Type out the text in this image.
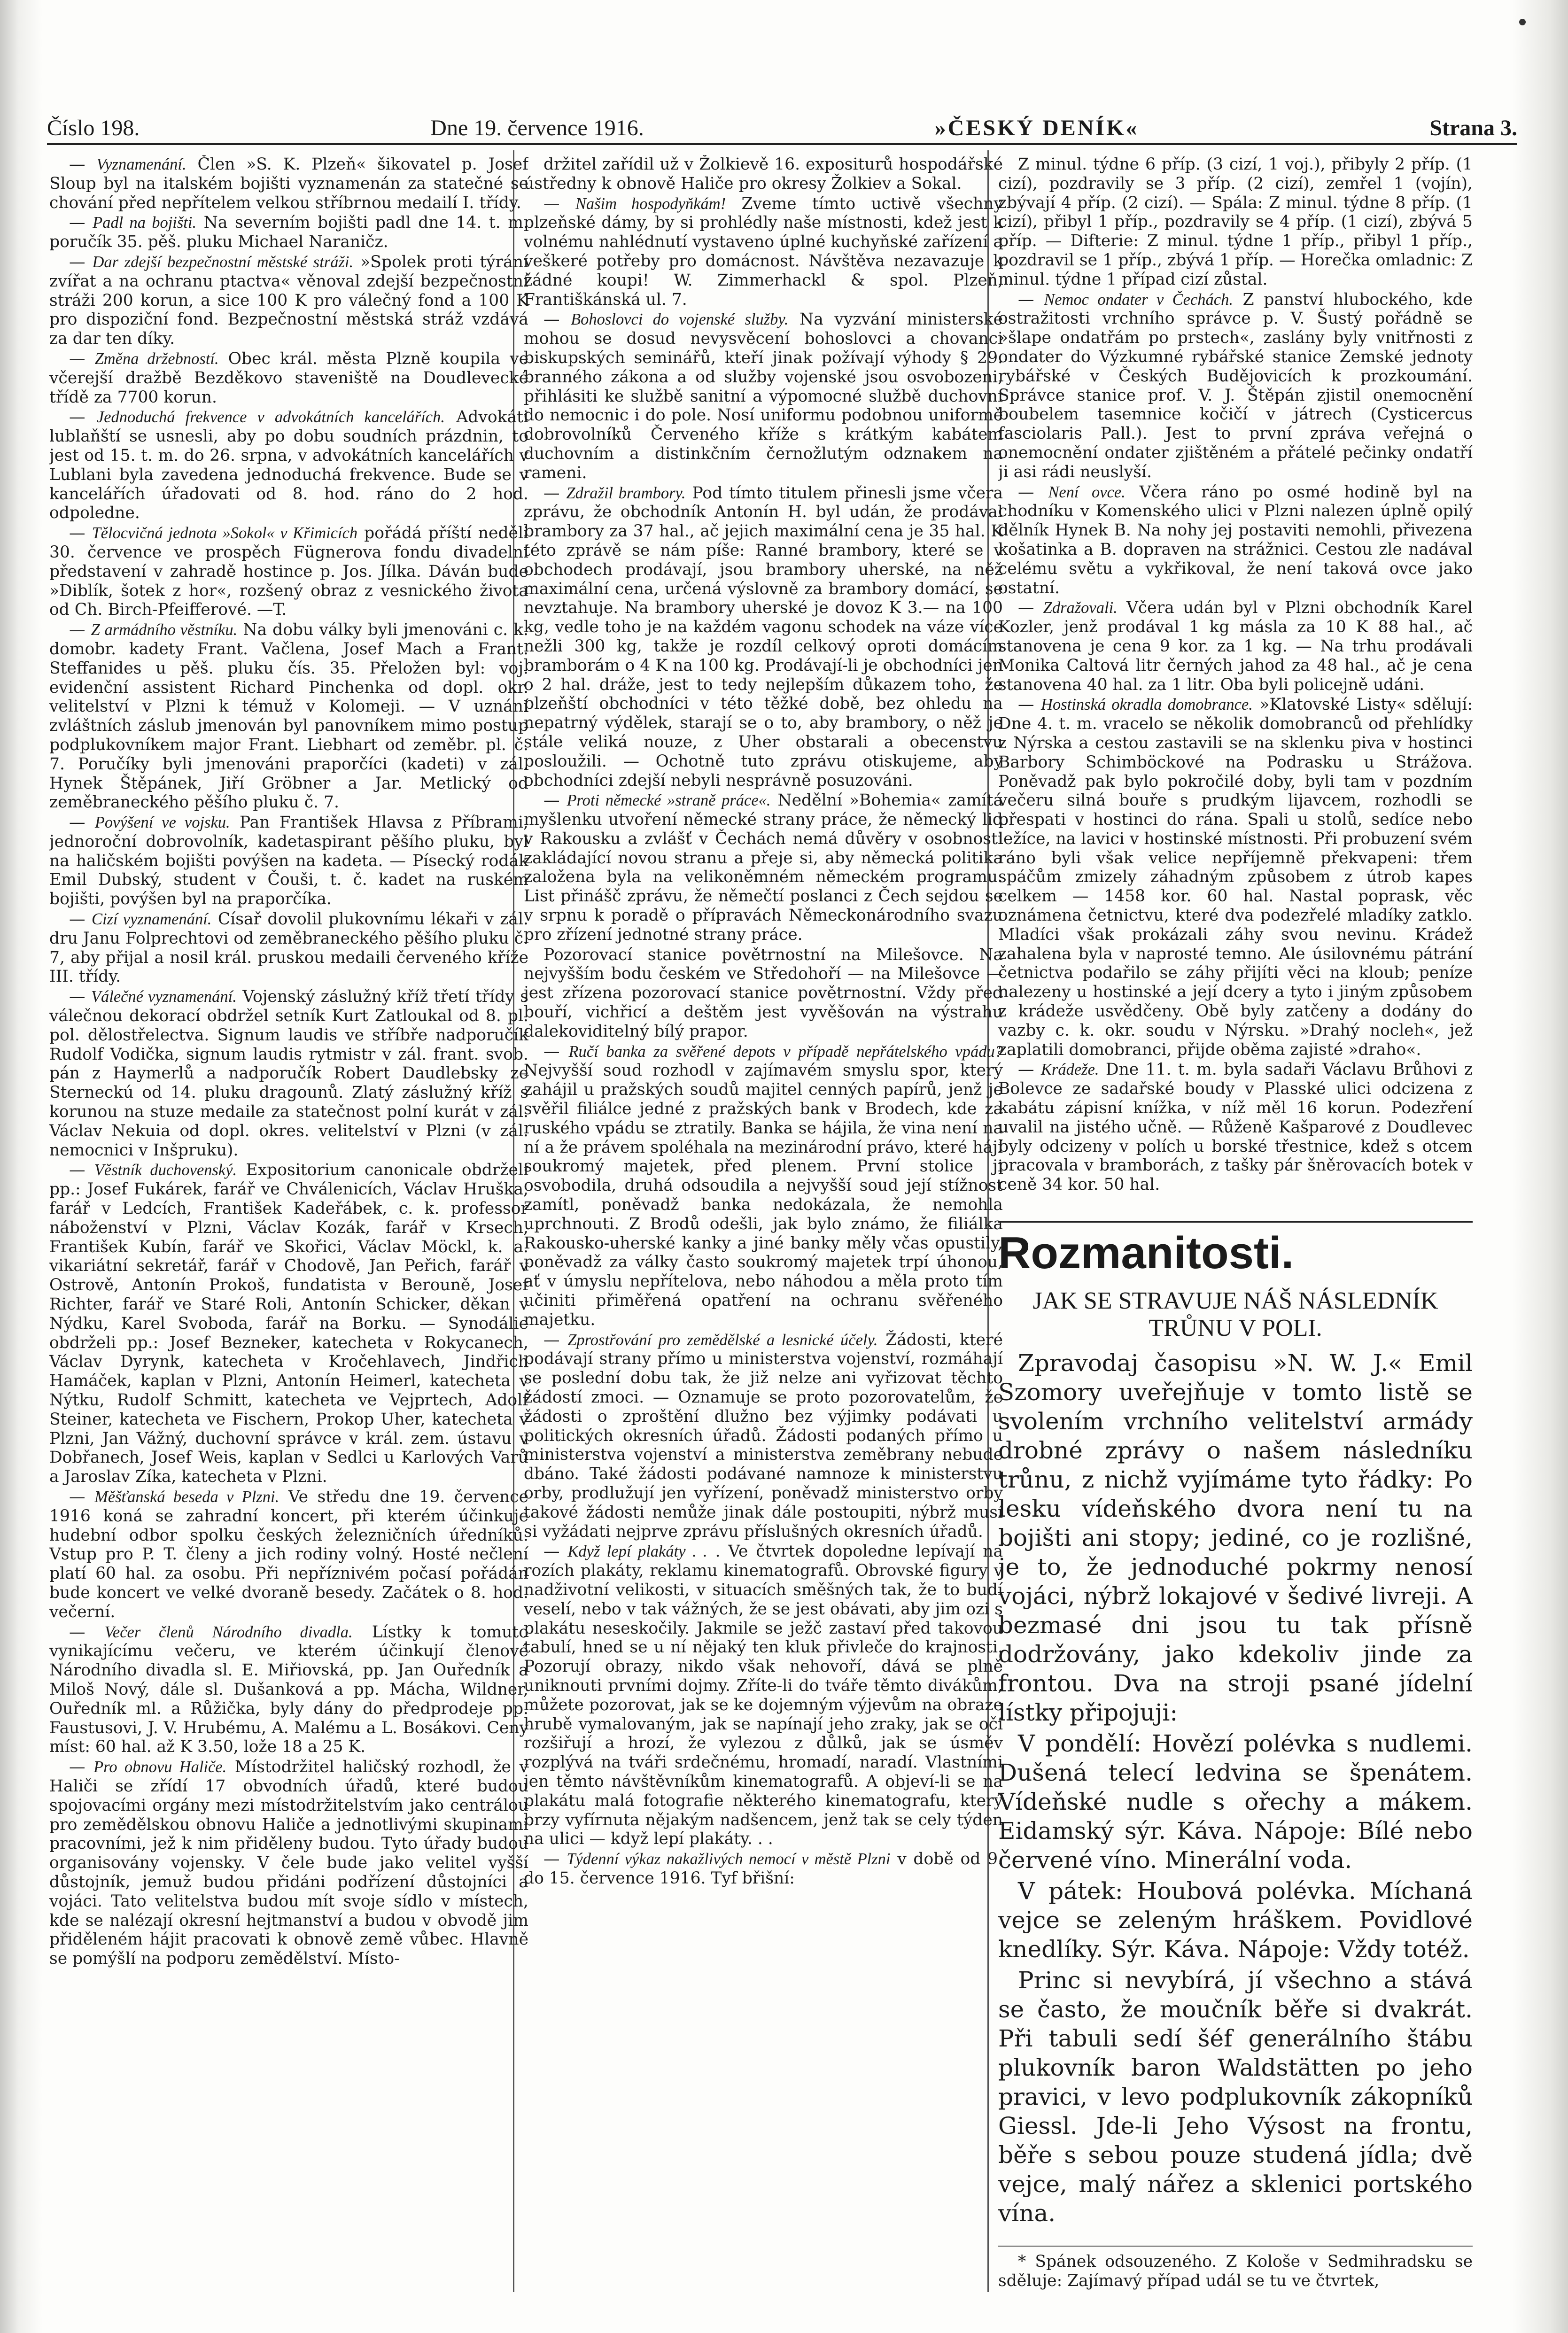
Číslo 198.	Dne 19. července 1916.	»ČESKÝ DENÍK«	Strana 3.

— Vyznamenání. Člen »S. K. Plzeň« šikovatel p. Josef Sloup byl na italském bojišti vyznamenán za statečné se chování před nepřítelem velkou stříbrnou medailí I. třídy.

— Padl na bojišti. Na severním bojišti padl dne 14. t. m. poručík 35. pěš. pluku Michael Naraničz.

— Dar zdejší bezpečnostní městské stráži. »Spolek proti týrání zvířat a na ochranu ptactva« věnoval zdejší bezpečnostní stráži 200 korun, a sice 100 K pro válečný fond a 100 K pro dispoziční fond. Bezpečnostní městská stráž vzdává za dar ten díky.

— Změna držebností. Obec král. města Plzně koupila ve včerejší dražbě Bezděkovo staveniště na Doudlevecké třídě za 7700 korun.

— Jednoduchá frekvence v advokátních kancelářích. Advokáti lublaňští se usnesli, aby po dobu soudních prázdnin, to jest od 15. t. m. do 26. srpna, v advokátních kancelářích v Lublani byla zavedena jednoduchá frekvence. Bude se v kancelářích úřadovati od 8. hod. ráno do 2 hod. odpoledne.

— Tělocvičná jednota »Sokol« v Křimicích pořádá příští neděli 30. července ve prospěch Fügnerova fondu divadelní představení v zahradě hostince p. Jos. Jílka. Dáván bude »Diblík, šotek z hor«, rozšený obraz z vesnického života od Ch. Birch-Pfeifferové. —T.

— Z armádního věstníku. Na dobu války byli jmenováni c. k. domobr. kadety Frant. Vačlena, Josef Mach a Frant. Steffanides u pěš. pluku čís. 35. Přeložen byl: voj. evidenční assistent Richard Pinchenka od dopl. okr. velitelství v Plzni k témuž v Kolomeji. — V uznání zvláštních záslub jmenován byl panovníkem mimo postup podplukovníkem major Frant. Liebhart od zeměbr. pl. č. 7. Poručíky byli jmenováni praporčíci (kadeti) v zál. Hynek Štěpánek, Jiří Gröbner a Jar. Metlický od zeměbraneckého pěšího pluku č. 7.

— Povýšení ve vojsku. Pan František Hlavsa z Příbrami, jednoroční dobrovolník, kadetaspirant pěšího pluku, byl na haličském bojišti povýšen na kadeta. — Písecký rodák Emil Dubský, student v Čouši, t. č. kadet na ruském bojišti, povýšen byl na praporčíka.

— Cizí vyznamenání. Císař dovolil plukovnímu lékaři v zál. dru Janu Folprechtovi od zeměbraneckého pěšího pluku č. 7, aby přijal a nosil král. pruskou medaili červeného kříže III. třídy.

— Válečné vyznamenání. Vojenský záslužný kříž třetí třídy s válečnou dekorací obdržel setník Kurt Zatloukal od 8. pl. pol. dělostřelectva. Signum laudis ve stříbře nadporučík Rudolf Vodička, signum laudis rytmistr v zál. frant. svob. pán z Haymerlů a nadporučík Robert Daudlebsky ze Sterneckú od 14. pluku dragounů. Zlatý záslužný kříž s korunou na stuze medaile za statečnost polní kurát v zál. Václav Nekuia od dopl. okres. velitelství v Plzni (v zál. nemocnici v Inšpruku).

— Věstník duchovenský. Expositorium canonicale obdrželi pp.: Josef Fukárek, farář ve Chválenicích, Václav Hruška, farář v Ledcích, František Kadeřábek, c. k. professor náboženství v Plzni, Václav Kozák, farář v Krsech, František Kubín, farář ve Skořici, Václav Möckl, k. a. vikariátní sekretář, farář v Chodově, Jan Peřich, farář v Ostrově, Antonín Prokoš, fundatista v Berouně, Josef Richter, farář ve Staré Roli, Antonín Schicker, děkan v Nýdku, Karel Svoboda, farář na Borku. — Synodálie obdrželi pp.: Josef Bezneker, katecheta v Rokycanech, Václav Dyrynk, katecheta v Kročehlavech, Jindřich Hamáček, kaplan v Plzni, Antonín Heimerl, katecheta v Nýtku, Rudolf Schmitt, katecheta ve Vejprtech, Adolf Steiner, katecheta ve Fischern, Prokop Uher, katecheta v Plzni, Jan Vážný, duchovní správce v král. zem. ústavu v Dobřanech, Josef Weis, kaplan v Sedlci u Karlových Varů a Jaroslav Zíka, katecheta v Plzni.

— Měšťanská beseda v Plzni. Ve středu dne 19. července 1916 koná se zahradní koncert, při kterém účinkuje hudební odbor spolku českých železničních úředníků. Vstup pro P. T. členy a jich rodiny volný. Hosté nečlení platí 60 hal. za osobu. Při nepříznivém počasí pořádán bude koncert ve velké dvoraně besedy. Začátek o 8. hod. večerní.

— Večer členů Národního divadla. Lístky k tomuto vynikajícímu večeru, ve kterém účinkují členové Národního divadla sl. E. Miřiovská, pp. Jan Ouředník a Miloš Nový, dále sl. Dušanková a pp. Mácha, Wildner, Ouředník ml. a Růžička, byly dány do předprodeje pp. Faustusovi, J. V. Hrubému, A. Malému a L. Bosákovi. Ceny míst: 60 hal. až K 3.50, lože 18 a 25 K.

— Pro obnovu Haliče. Místodržitel haličský rozhodl, že v Haliči se zřídí 17 obvodních úřadů, které budou spojovacími orgány mezi místodržitelstvím jako centrálou pro zemědělskou obnovu Haliče a jednotlivými skupinami pracovními, jež k nim přiděleny budou. Tyto úřady budou organisovány vojensky. V čele bude jako velitel vyšší důstojník, jemuž budou přidáni podřízení důstojníci a vojáci. Tato velitelstva budou mít svoje sídlo v místech, kde se nalézají okresní hejtmanství a budou v obvodě jim přiděleném hájit pracovati k obnově země vůbec. Hlavně se pomýšlí na podporu zemědělství. Místo-

držitel zařídil už v Žolkievě 16. expositurů hospodářské ústředny k obnově Haliče pro okresy Žolkiev a Sokal.

— Našim hospodyňkám! Zveme tímto uctivě všechny plzeňské dámy, by si prohlédly naše místnosti, kdež jest k volnému nahlédnutí vystaveno úplné kuchyňské zařízení a veškeré potřeby pro domácnost. Návštěva nezavazuje k žádné koupi! W. Zimmerhackl & spol. Plzeň, Františkánská ul. 7.

— Bohoslovci do vojenské služby. Na vyzvání ministerské mohou se dosud nevysvěcení bohoslovci a chovanci biskupských seminářů, kteří jinak požívají výhody § 29. branného zákona a od služby vojenské jsou osvobozeni, přihlásiti ke službě sanitní a výpomocné službě duchovní do nemocnic i do pole. Nosí uniformu podobnou uniformě dobrovolníků Červeného kříže s krátkým kabátem duchovním a distinkčním černožlutým odznakem na rameni.

— Zdražil brambory. Pod tímto titulem přinesli jsme včera zprávu, že obchodník Antonín H. byl udán, že prodával brambory za 37 hal., ač jejich maximální cena je 35 hal. K této zprávě se nám píše: Ranné brambory, které se v obchodech prodávají, jsou brambory uherské, na něž maximální cena, určená výslovně za brambory domácí, se nevztahuje. Na brambory uherské je dovoz K 3.— na 100 kg, vedle toho je na každém vagonu schodek na váze více nežli 300 kg, takže je rozdíl celkový oproti domácím bramborám o 4 K na 100 kg. Prodávají-li je obchodníci jen o 2 hal. dráže, jest to tedy nejlepším důkazem toho, že plzeňští obchodníci v této těžké době, bez ohledu na nepatrný výdělek, starají se o to, aby brambory, o něž je stále veliká nouze, z Uher obstarali a obecenstvu posloužili. — Ochotně tuto zprávu otiskujeme, aby obchodníci zdejší nebyli nesprávně posuzováni.

— Proti německé »straně práce«. Nedělní »Bohemia« zamítá myšlenku utvoření německé strany práce, že německý lid v Rakousku a zvlášť v Čechách nemá důvěry v osobnosti zakládající novou stranu a přeje si, aby německá politika založena byla na velikoněmném německém programu. List přinášč zprávu, že němečtí poslanci z Čech sejdou se v srpnu k poradě o přípravách Německonárodního svazu pro zřízení jednotné strany práce.

Pozorovací stanice povětrnostní na Milešovce. Na nejvyšším bodu českém ve Středohoří — na Milešovce — jest zřízena pozorovací stanice povětrnostní. Vždy před bouří, vichřicí a deštěm jest vyvěšován na výstrahu dalekoviditelný bílý prapor.

— Ručí banka za svěřené depots v případě nepřátelského vpádu? Nejvyšší soud rozhodl v zajímavém smyslu spor, který zahájil u pražských soudů majitel cenných papírů, jenž je svěřil filiálce jedné z pražských bank v Brodech, kde za ruského vpádu se ztratily. Banka se hájila, že vina není na ní a že právem spoléhala na mezinárodní právo, které hájí soukromý majetek, před plenem. První stolice ji osvobodila, druhá odsoudila a nejvyšší soud její stížnost zamítl, poněvadž banka nedokázala, že nemohla uprchnouti. Z Brodů odešli, jak bylo známo, že filiálka Rakousko-uherské kanky a jiné banky měly včas opustily, poněvadž za války často soukromý majetek trpí úhonou, ať v úmyslu nepřítelova, nebo náhodou a měla proto tím učiniti přiměřená opatření na ochranu svěřeného majetku.

— Zprostřování pro zemědělské a lesnické účely. Žádosti, které podávají strany přímo u ministerstva vojenství, rozmáhají se poslední dobu tak, že již nelze ani vyřizovat těchto žádostí zmoci. — Oznamuje se proto pozorovatelům, že žádosti o zproštění dlužno bez výjimky podávati u politických okresních úřadů. Žádosti podaných přímo u ministerstva vojenství a ministerstva zeměbrany nebude dbáno. Také žádosti podávané namnoze k ministerstvu orby, prodlužují jen vyřízení, poněvadž ministerstvo orby takové žádosti nemůže jinak dále postoupiti, nýbrž musí si vyžádati nejprve zprávu příslušných okresních úřadů.

— Když lepí plakáty . . . Ve čtvrtek dopoledne lepívají na rozích plakáty, reklamu kinematografů. Obrovské figury v nadživotní velikosti, v situacích směšných tak, že to budí veselí, nebo v tak vážných, že se jest obávati, aby jim ozi s plakátu neseskočily. Jakmile se ježč zastaví před takovou tabulí, hned se u ní nějaký ten kluk přivleče do krajnosti. Pozorují obrazy, nikdo však nehovoří, dává se plně uniknouti prvními dojmy. Zříte-li do tváře těmto divákům, můžete pozorovat, jak se ke dojemným výjevům na obraze hrubě vymalovaným, jak se napínají jeho zraky, jak se oči rozšiřují a hrozí, že vylezou z důlků, jak se úsměv rozplývá na tváři srdečnému, hromadí, naradí. Vlastními jen těmto návštěvníkům kinematografů. A objeví-li se na plakátu malá fotografie některého kinematografu, který brzy vyfírnuta nějakým nadšencem, jenž tak se cely týden na ulici — když lepí plakáty. . .

— Týdenní výkaz nakažlivých nemocí v městě Plzni v době od 9. do 15. července 1916. Tyf břišní:

Z minul. týdne 6 příp. (3 cizí, 1 voj.), přibyly 2 příp. (1 cizí), pozdravily se 3 příp. (2 cizí), zemřel 1 (vojín), zbývají 4 příp. (2 cizí). — Spála: Z minul. týdne 8 příp. (1 cizí), přibyl 1 příp., pozdravily se 4 příp. (1 cizí), zbývá 5 příp. — Difterie: Z minul. týdne 1 příp., přibyl 1 příp., pozdravil se 1 příp., zbývá 1 příp. — Horečka omladnic: Z minul. týdne 1 případ cizí zůstal.

— Nemoc ondater v Čechách. Z panství hlubockého, kde ostražitosti vrchního správce p. V. Šustý pořádně se »šlape ondatřám po prstech«, zaslány byly vnitřnosti z ondater do Výzkumné rybářské stanice Zemské jednoty rybářské v Českých Budějovicích k prozkoumání. Správce stanice prof. V. J. Štěpán zjistil onemocnění boubelem tasemnice kočičí v játrech (Cysticercus fasciolaris Pall.). Jest to první zpráva veřejná o onemocnění ondater zjištěném a přátelé pečinky ondatří ji asi rádi neuslyší.

— Není ovce. Včera ráno po osmé hodině byl na chodníku v Komenského ulici v Plzni nalezen úplně opilý dělník Hynek B. Na nohy jej postaviti nemohli, přivezena košatinka a B. dopraven na strážnici. Cestou zle nadával celému světu a vykřikoval, že není taková ovce jako ostatní.

— Zdražovali. Včera udán byl v Plzni obchodník Karel Kozler, jenž prodával 1 kg másla za 10 K 88 hal., ač stanovena je cena 9 kor. za 1 kg. — Na trhu prodávali Monika Caltová litr černých jahod za 48 hal., ač je cena stanovena 40 hal. za 1 litr. Oba byli policejně udáni.

— Hostinská okradla domobrance. »Klatovské Listy« sdělují: Dne 4. t. m. vracelo se několik domobranců od přehlídky z Nýrska a cestou zastavili se na sklenku piva v hostinci Barbory Schimböckové na Podrasku u Strážova. Poněvadž pak bylo pokročilé doby, byli tam v pozdním večeru silná bouře s prudkým lijavcem, rozhodli se přespati v hostinci do rána. Spali u stolů, sedíce nebo ležíce, na lavici v hostinské místnosti. Při probuzení svém ráno byli však velice nepříjemně překvapeni: třem spáčům zmizely záhadným způsobem z útrob kapes celkem — 1458 kor. 60 hal. Nastal poprask, věc oznámena četnictvu, které dva podezřelé mladíky zatklo. Mladíci však prokázali záhy svou nevinu. Krádež zahalena byla v naprosté temno. Ale úsilovnému pátrání četnictva podařilo se záhy přijíti věci na kloub; peníze nalezeny u hostinské a její dcery a tyto i jiným způsobem z krádeže usvědčeny. Obě byly zatčeny a dodány do vazby c. k. okr. soudu v Nýrsku. »Drahý nocleh«, jež zaplatili domobranci, přijde oběma zajisté »draho«.

— Krádeže. Dne 11. t. m. byla sadaři Václavu Brůhovi z Bolevce ze sadařské boudy v Plasské ulici odcizena z kabátu zápisní knížka, v níž měl 16 korun. Podezření uvalil na jistého učně. — Růženě Kašparové z Doudlevec byly odcizeny v polích u borské třestnice, kdež s otcem pracovala v bramborách, z tašky pár šněrovacích botek v ceně 34 kor. 50 hal.

Rozmanitosti.
JAK SE STRAVUJE NÁŠ NÁSLEDNÍK
TRŮNU V POLI.

Zpravodaj časopisu »N. W. J.« Emil Szomory uveřejňuje v tomto listě se svolením vrchního velitelství armády drobné zprávy o našem následníku trůnu, z nichž vyjímáme tyto řádky: Po lesku vídeňského dvora není tu na bojišti ani stopy; jediné, co je rozlišné, je to, že jednoduché pokrmy nenosí vojáci, nýbrž lokajové v šedivé livreji. A bezmasé dni jsou tu tak přísně dodržovány, jako kdekoliv jinde za frontou. Dva na stroji psané jídelní lístky připojuji:

V pondělí: Hovězí polévka s nudlemi. Dušená telecí ledvina se špenátem. Vídeňské nudle s ořechy a mákem. Eidamský sýr. Káva. Nápoje: Bílé nebo červené víno. Minerální voda.

V pátek: Houbová polévka. Míchaná vejce se zeleným hráškem. Povidlové knedlíky. Sýr. Káva. Nápoje: Vždy totéž.

Princ si nevybírá, jí všechno a stává se často, že moučník běře si dvakrát. Při tabuli sedí šéf generálního štábu plukovník baron Waldstätten po jeho pravici, v levo podplukovník zákopníků Giessl. Jde-li Jeho Výsost na frontu, běře s sebou pouze studená jídla; dvě vejce, malý nářez a sklenici portského vína.

* Spánek odsouzeného. Z Kološe v Sedmihradsku se sděluje: Zajímavý případ udál se tu ve čtvrtek,
